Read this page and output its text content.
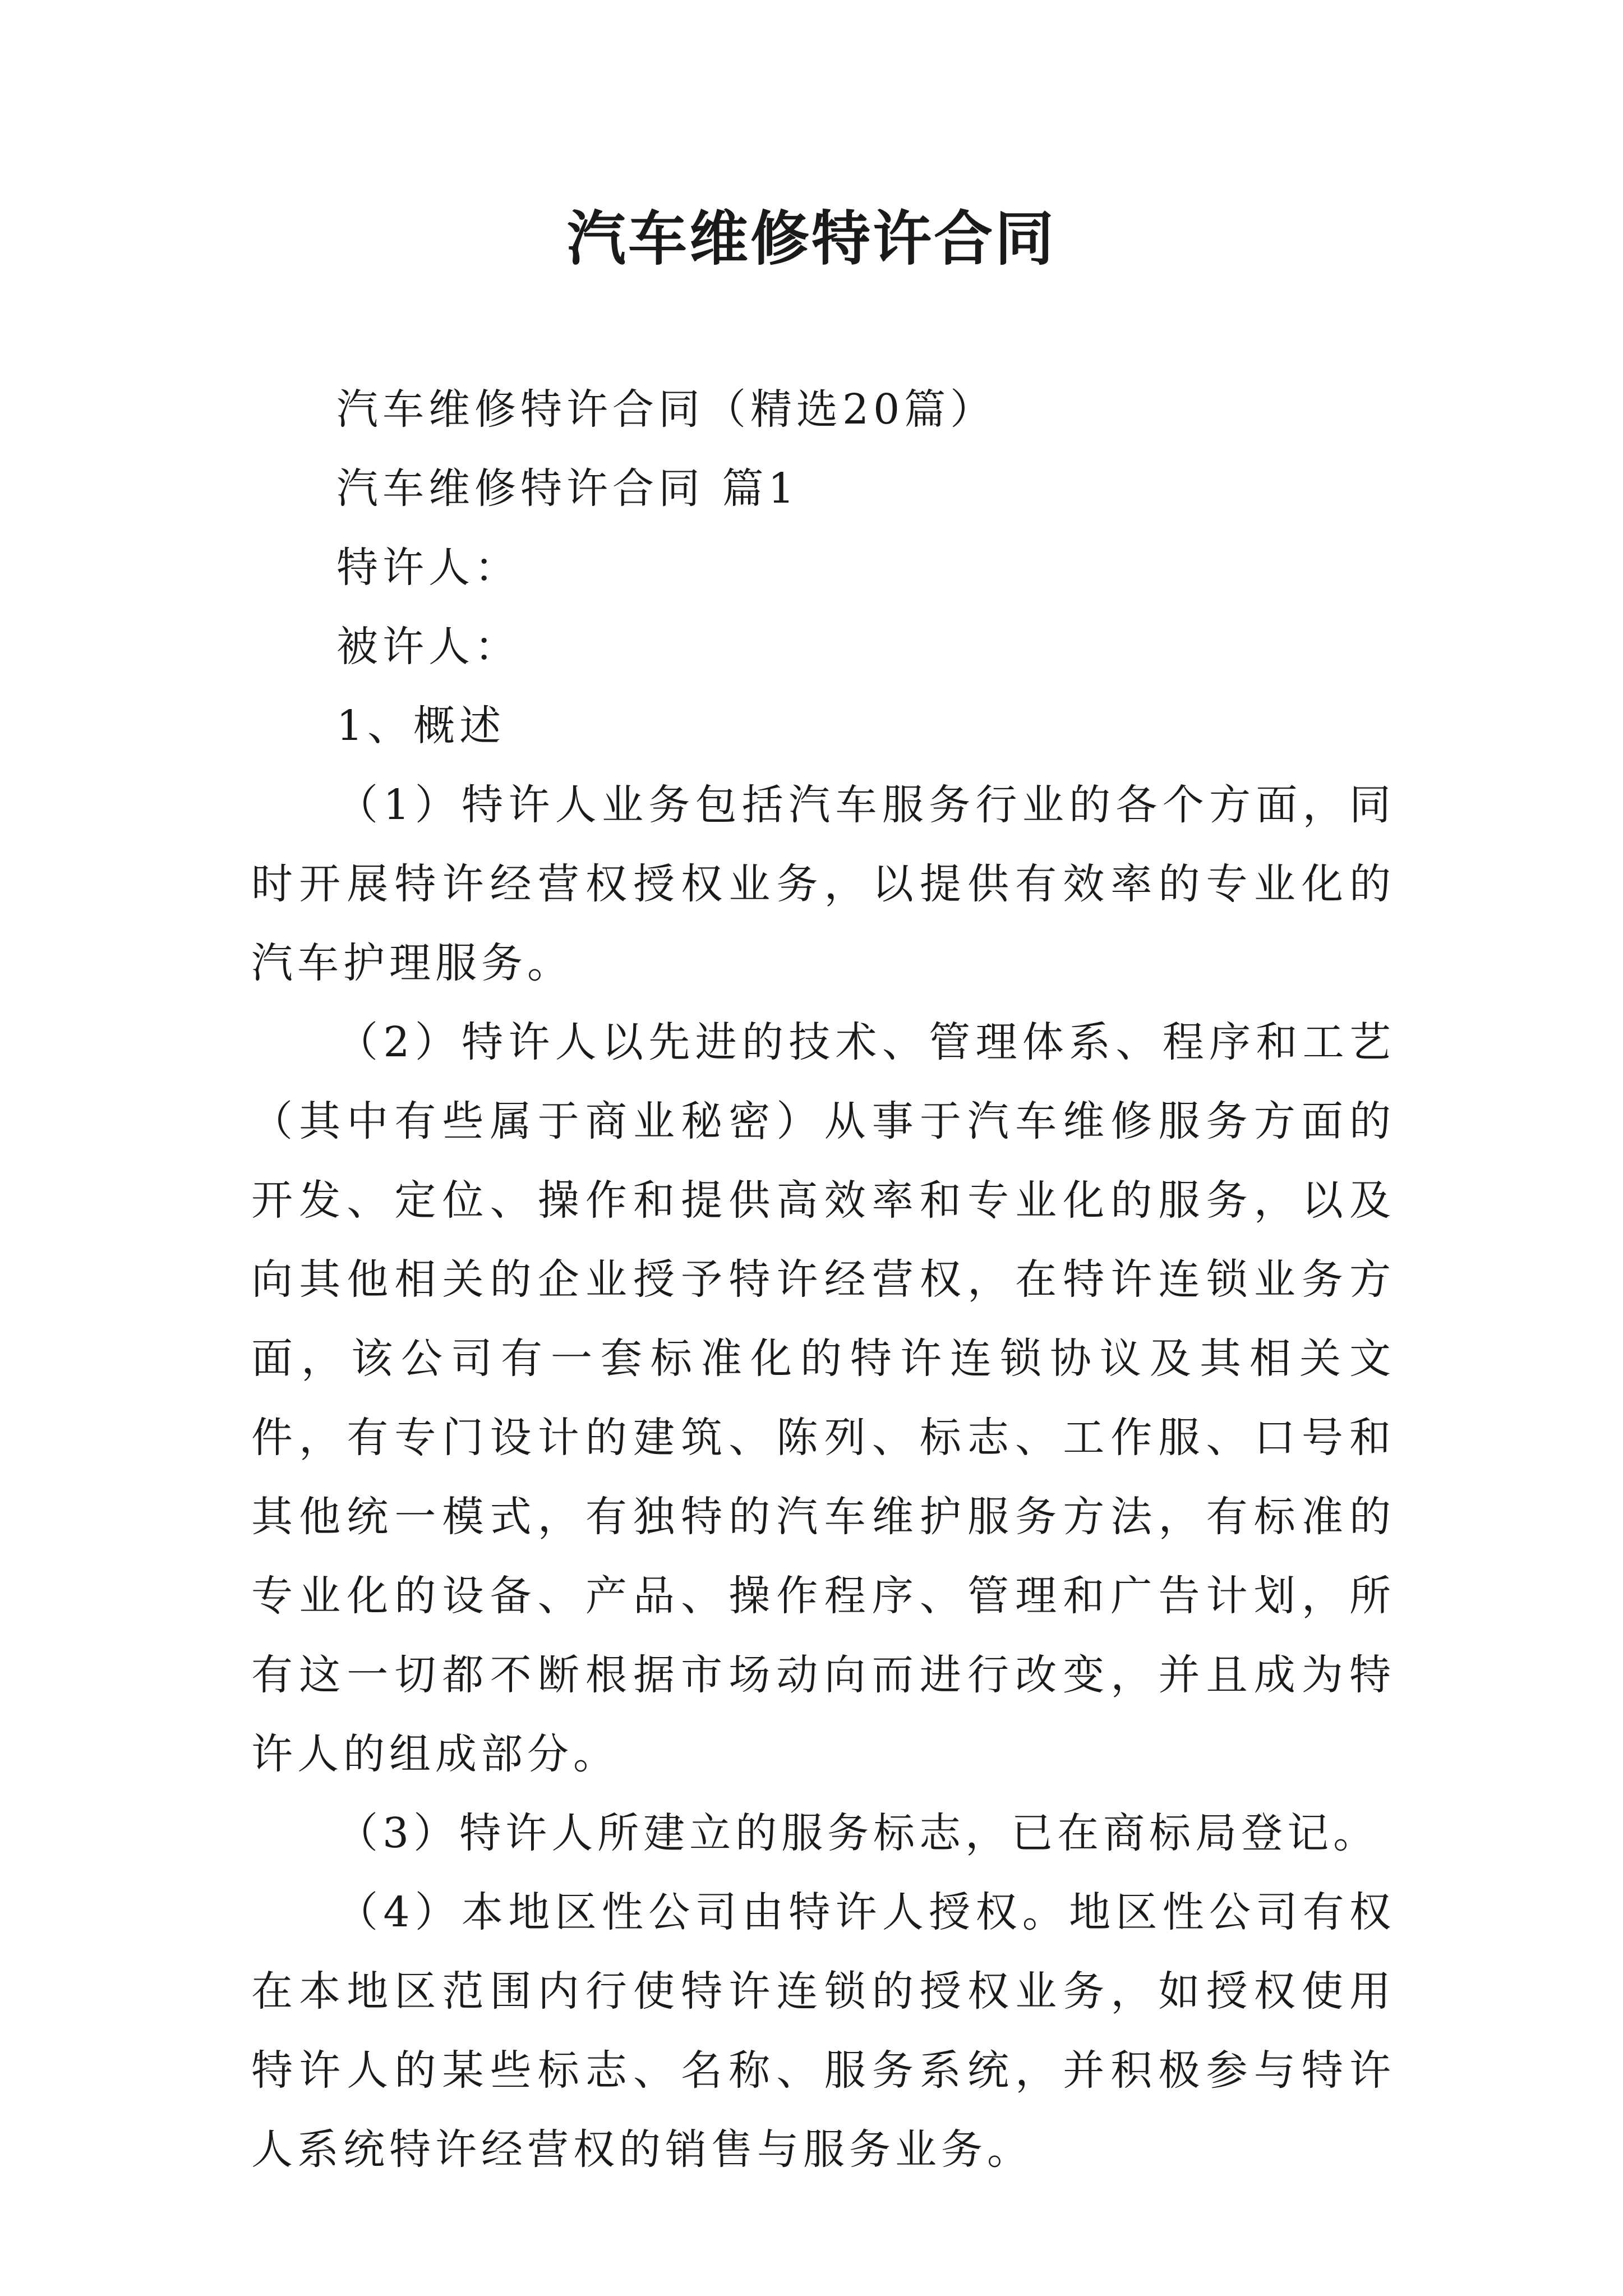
汽车维修特许合同

汽车维修特许合同（精选20篇）

汽车维修特许合同 篇1

特许人：

被许人：

1、概述

（1）特许人业务包括汽车服务行业的各个方面，同时开展特许经营权授权业务，以提供有效率的专业化的汽车护理服务。

（2）特许人以先进的技术、管理体系、程序和工艺（其中有些属于商业秘密）从事于汽车维修服务方面的开发、定位、操作和提供高效率和专业化的服务，以及向其他相关的企业授予特许经营权，在特许连锁业务方面，该公司有一套标准化的特许连锁协议及其相关文件，有专门设计的建筑、陈列、标志、工作服、口号和其他统一模式，有独特的汽车维护服务方法，有标准的专业化的设备、产品、操作程序、管理和广告计划，所有这一切都不断根据市场动向而进行改变，并且成为特许人的组成部分。

（3）特许人所建立的服务标志，已在商标局登记。

（4）本地区性公司由特许人授权。地区性公司有权在本地区范围内行使特许连锁的授权业务，如授权使用特许人的某些标志、名称、服务系统，并积极参与特许人系统特许经营权的销售与服务业务。
